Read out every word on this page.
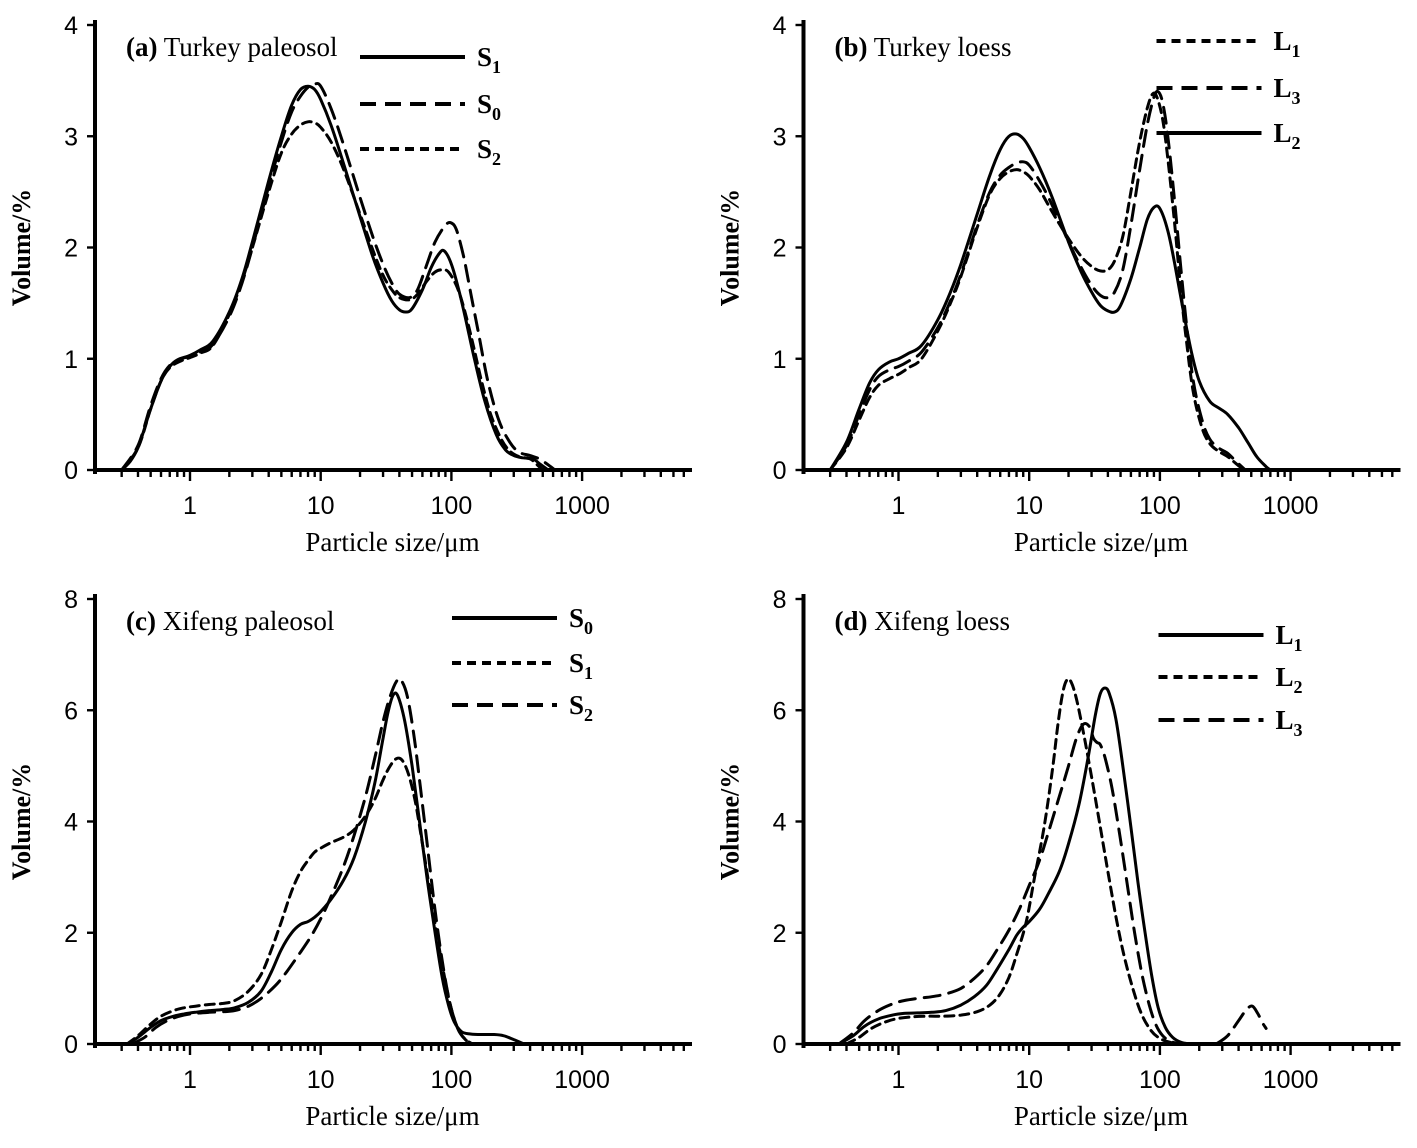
1	10	100	1000
0
1
2
3
4
(a) Turkey paleosol
Volume/%
Particle size/μm
$S_1$
$S_0$
$S_2$
1	10	100	1000
0
1
2
3
4
(b) Turkey loess
Volume/%
Particle size/μm
$L_1$
$L_3$
$L_2$
1	10	100	1000
0
2
4
6
8
(c) Xifeng paleosol
Volume/%
Particle size/μm
$S_0$
$S_1$
$S_2$
1	10	100	1000
0
2
4
6
8
(d) Xifeng loess
Volume/%
Particle size/μm
$L_1$
$L_2$
$L_3$
